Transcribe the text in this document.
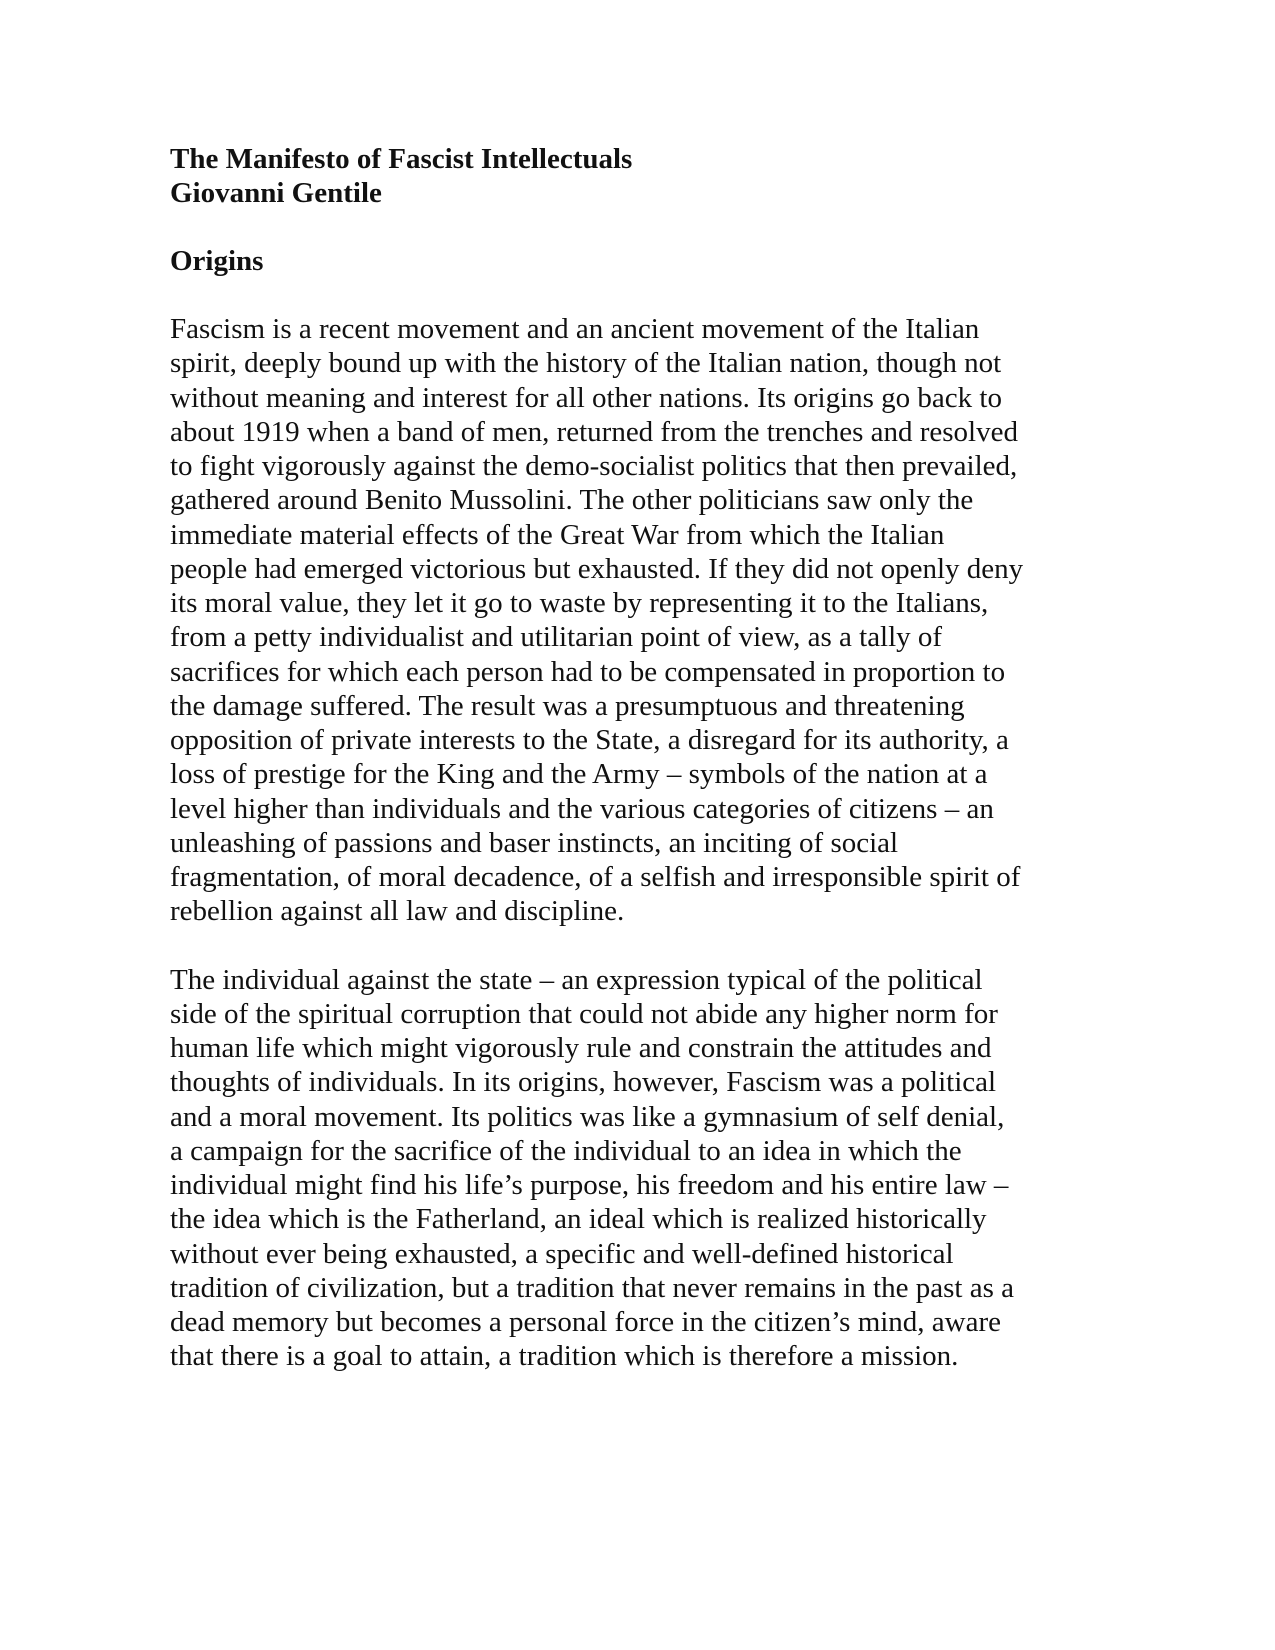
The Manifesto of Fascist Intellectuals
Giovanni Gentile
Origins
Fascism is a recent movement and an ancient movement of the Italian
spirit, deeply bound up with the history of the Italian nation, though not
without meaning and interest for all other nations. Its origins go back to
about 1919 when a band of men, returned from the trenches and resolved
to fight vigorously against the demo-socialist politics that then prevailed,
gathered around Benito Mussolini. The other politicians saw only the
immediate material effects of the Great War from which the Italian
people had emerged victorious but exhausted. If they did not openly deny
its moral value, they let it go to waste by representing it to the Italians,
from a petty individualist and utilitarian point of view, as a tally of
sacrifices for which each person had to be compensated in proportion to
the damage suffered. The result was a presumptuous and threatening
opposition of private interests to the State, a disregard for its authority, a
loss of prestige for the King and the Army – symbols of the nation at a
level higher than individuals and the various categories of citizens – an
unleashing of passions and baser instincts, an inciting of social
fragmentation, of moral decadence, of a selfish and irresponsible spirit of
rebellion against all law and discipline.
The individual against the state – an expression typical of the political
side of the spiritual corruption that could not abide any higher norm for
human life which might vigorously rule and constrain the attitudes and
thoughts of individuals. In its origins, however, Fascism was a political
and a moral movement. Its politics was like a gymnasium of self denial,
a campaign for the sacrifice of the individual to an idea in which the
individual might find his life’s purpose, his freedom and his entire law –
the idea which is the Fatherland, an ideal which is realized historically
without ever being exhausted, a specific and well-defined historical
tradition of civilization, but a tradition that never remains in the past as a
dead memory but becomes a personal force in the citizen’s mind, aware
that there is a goal to attain, a tradition which is therefore a mission.
